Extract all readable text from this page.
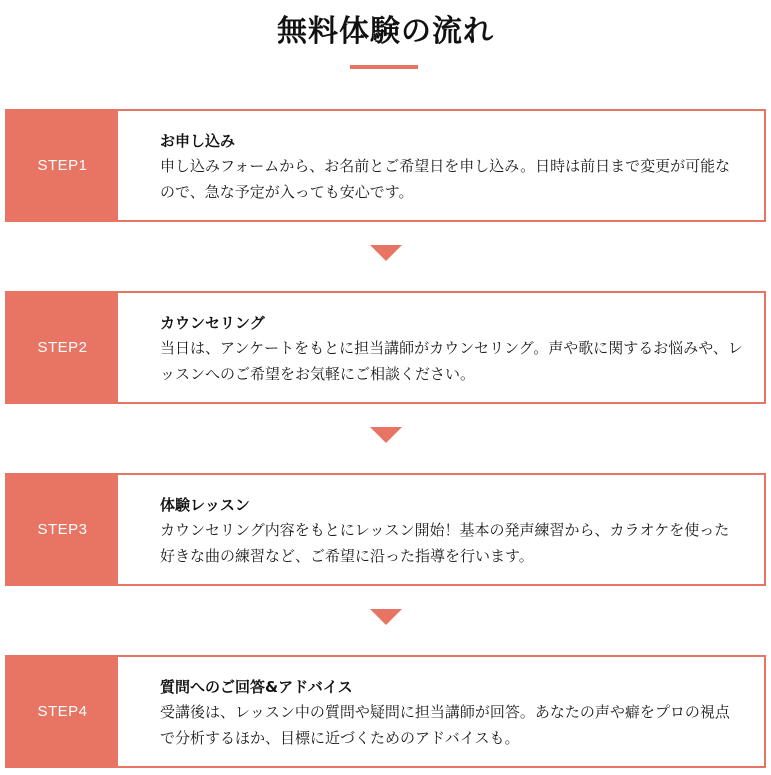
無料体験の流れ
STEP1
お申し込み
申し込みフォームから、お名前とご希望日を申し込み。日時は前日まで変更が可能なので、急な予定が入っても安心です。
STEP2
カウンセリング
当日は、アンケートをもとに担当講師がカウンセリング。声や歌に関するお悩みや、レッスンへのご希望をお気軽にご相談ください。
STEP3
体験レッスン
カウンセリング内容をもとにレッスン開始！基本の発声練習から、カラオケを使った好きな曲の練習など、ご希望に沿った指導を行います。
STEP4
質問へのご回答&アドバイス
受講後は、レッスン中の質問や疑問に担当講師が回答。あなたの声や癖をプロの視点で分析するほか、目標に近づくためのアドバイスも。
